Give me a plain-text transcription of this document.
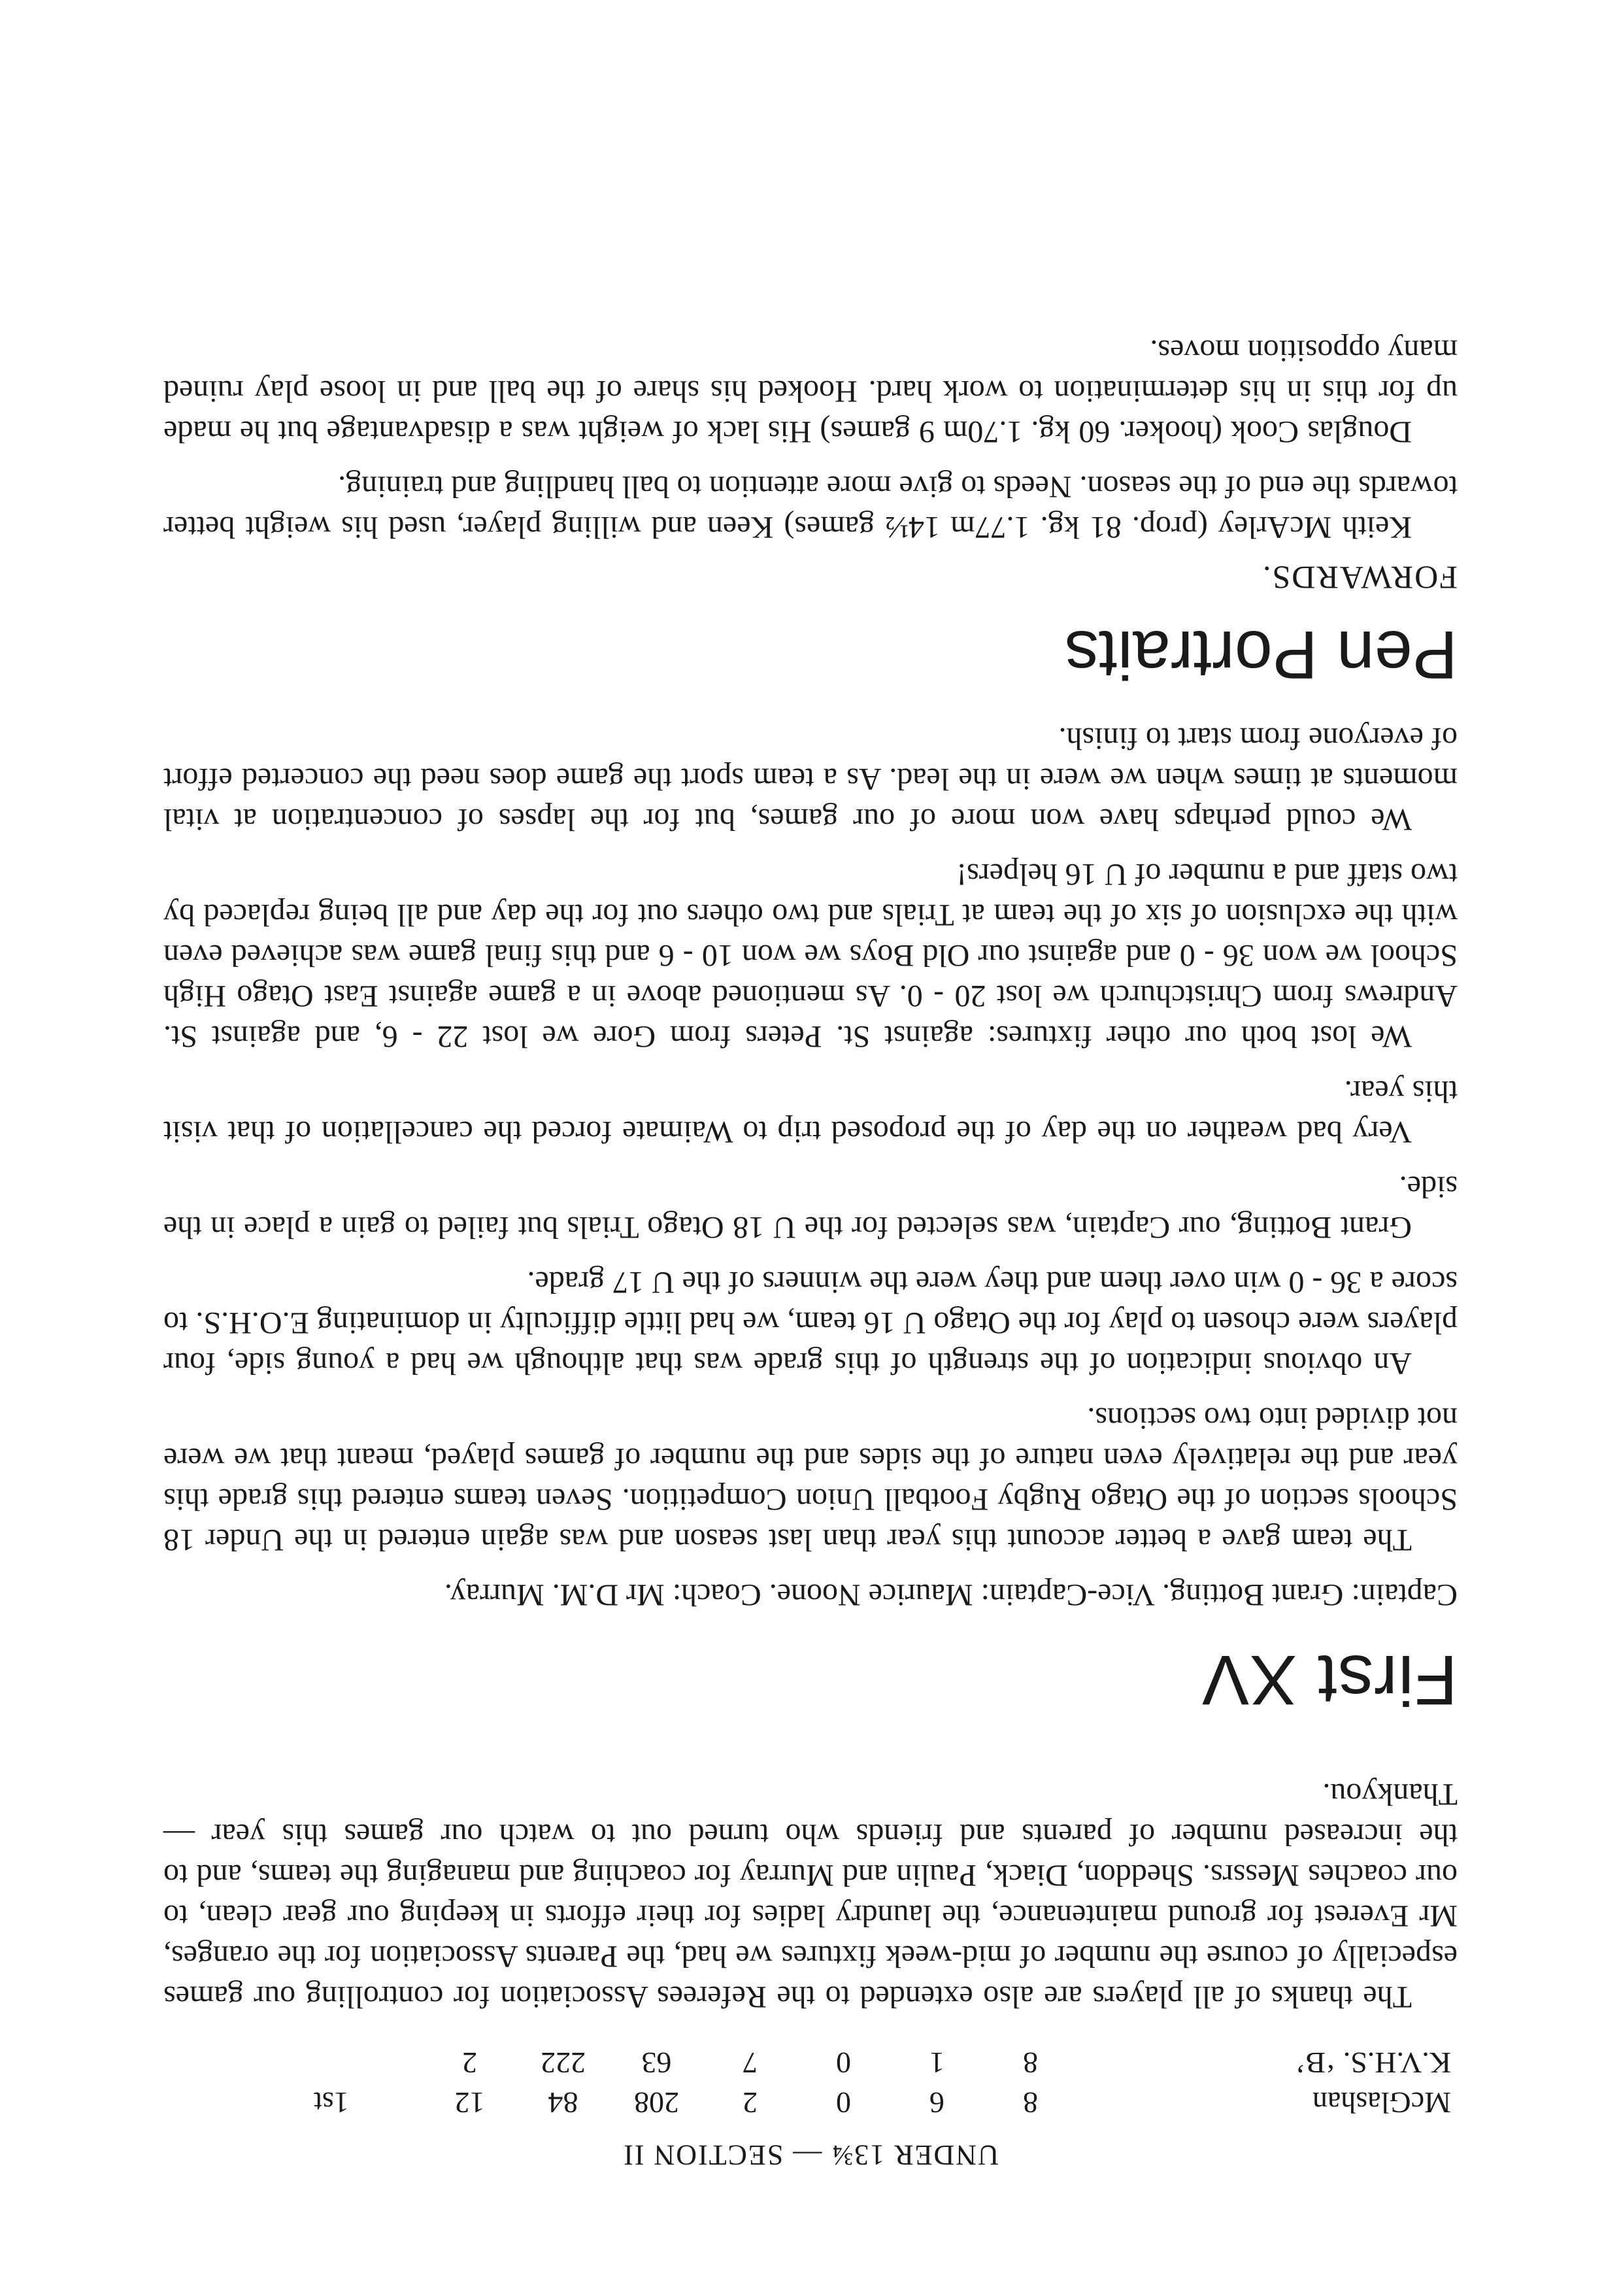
UNDER 13¾ — SECTION II
McGlashan	8	6	0	2	208	84	12	1st
K.V.H.S. ‘B’	8	1	0	7	63	222	2	

The thanks of all players are also extended to the Referees Association for controlling our games especially of course the number of mid-week fixtures we had, the Parents Association for the oranges, Mr Everest for ground maintenance, the laundry ladies for their efforts in keeping our gear clean, to our coaches Messrs. Sheddon, Diack, Paulin and Murray for coaching and managing the teams, and to the increased number of parents and friends who turned out to watch our games this year — Thankyou.

First XV

Captain: Grant Botting. Vice-Captain: Maurice Noone. Coach: Mr D.M. Murray.

The team gave a better account this year than last season and was again entered in the Under 18 Schools section of the Otago Rugby Football Union Competition. Seven teams entered this grade this year and the relatively even nature of the sides and the number of games played, meant that we were not divided into two sections.

An obvious indication of the strength of this grade was that although we had a young side, four players were chosen to play for the Otago U 16 team, we had little difficulty in dominating E.O.H.S. to score a 36 - 0 win over them and they were the winners of the U 17 grade.

Grant Botting, our Captain, was selected for the U 18 Otago Trials but failed to gain a place in the side.

Very bad weather on the day of the proposed trip to Waimate forced the cancellation of that visit this year.

We lost both our other fixtures: against St. Peters from Gore we lost 22 - 6, and against St. Andrews from Christchurch we lost 20 - 0. As mentioned above in a game against East Otago High School we won 36 - 0 and against our Old Boys we won 10 - 6 and this final game was achieved even with the exclusion of six of the team at Trials and two others out for the day and all being replaced by two staff and a number of U 16 helpers!

We could perhaps have won more of our games, but for the lapses of concentration at vital moments at times when we were in the lead. As a team sport the game does need the concerted effort of everyone from start to finish.

Pen Portraits
FORWARDS.

Keith McArley (prop. 81 kg. 1.77m 14½ games) Keen and willing player, used his weight better towards the end of the season. Needs to give more attention to ball handling and training.

Douglas Cook (hooker. 60 kg. 1.70m 9 games) His lack of weight was a disadvantage but he made up for this in his determination to work hard. Hooked his share of the ball and in loose play ruined many opposition moves.
